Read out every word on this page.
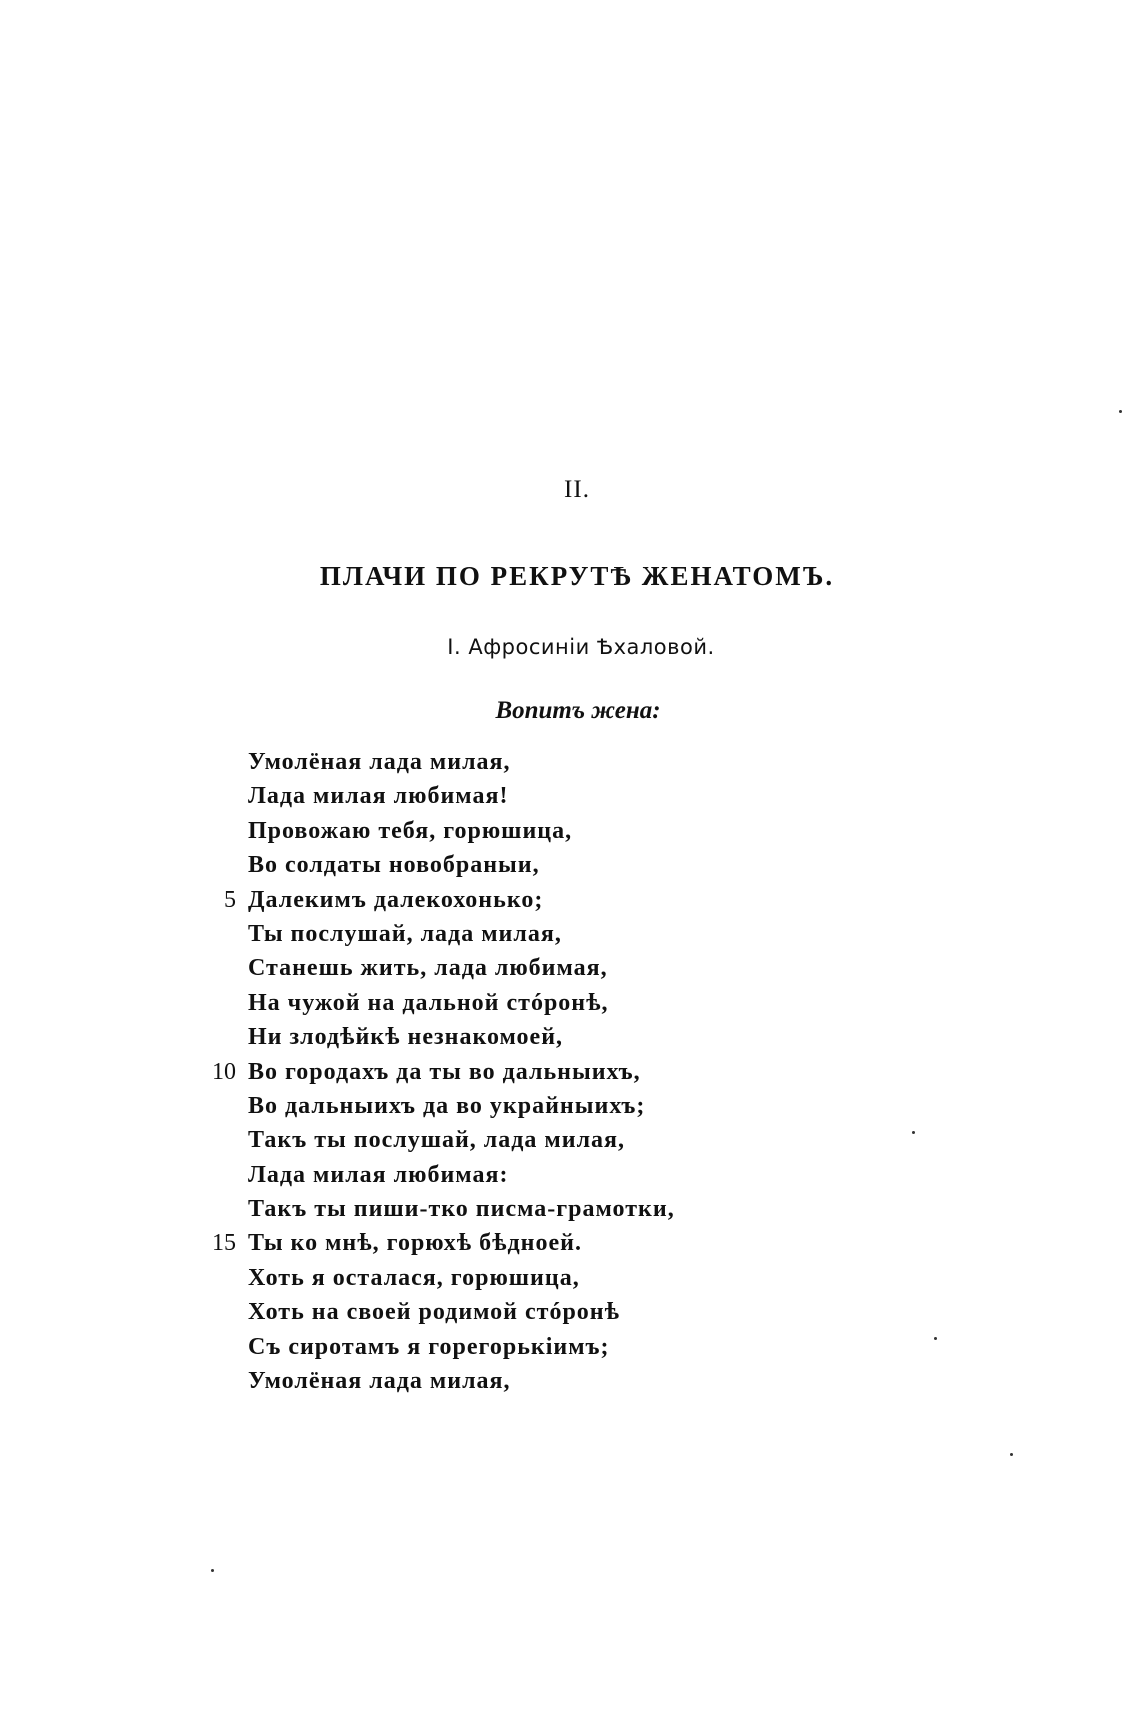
II.
ПЛАЧИ ПО РЕКРУТѢ ЖЕНАТОМЪ.
I. Афросиніи Ѣхаловой.
Вопитъ жена:
Умолёная лада милая,
Лада милая любимая!
Провожаю тебя, горюшица,
Во солдаты новобраныи,
5 Далекимъ далекохонько;
Ты послушай, лада милая,
Станешь жить, лада любимая,
На чужой на дальной стóронѣ,
Ни злодѣйкѣ незнакомоей,
10 Во городахъ да ты во дальныихъ,
Во дальныихъ да во украйныихъ;
Такъ ты послушай, лада милая,
Лада милая любимая:
Такъ ты пиши-тко писма-грамотки,
15 Ты ко мнѣ, горюхѣ бѣдноей.
Хоть я осталася, горюшица,
Хоть на своей родимой стóронѣ
Съ сиротамъ я горегорькіимъ;
Умолёная лада милая,
